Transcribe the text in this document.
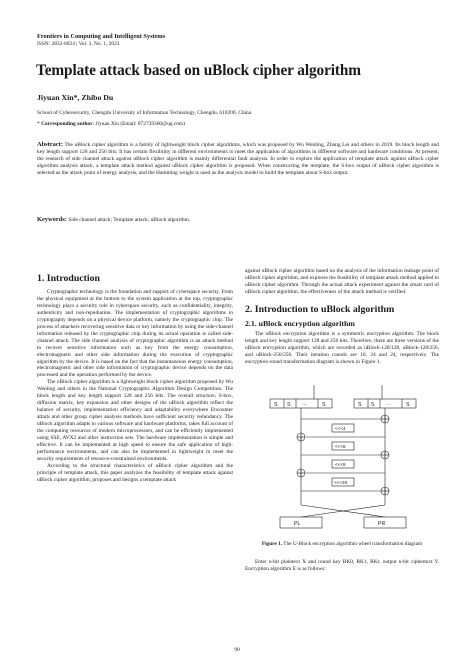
Frontiers in Computing and Intelligent Systems
ISSN: 2832-6024 | Vol. 3, No. 1, 2023
Template attack based on uBlock cipher algorithm
Jiyuan Xin*, Zhibo Du
School of Cybersecurity, Chengdu University of Information Technology, Chengdu, 610200, China
* Corresponding author: Jiyuan Xin (Email: 872739360@qq.com)
Abstract: The uBlock cipher algorithm is a family of lightweight block cipher algorithms, which was proposed by Wu Wenling, Zhang Lei and others in 2019. Its block length and key length support 128 and 256 bits. It has certain flexibility in different environments to meet the application of algorithms in different software and hardware conditions. At present, the research of side channel attack against uBlock cipher algorithm is mainly differential fault analysis. In order to explore the application of template attack against uBlock cipher algorithm analysis attack, a template attack method against uBlock cipher algorithm is proposed. When constructing the template, the S-box output of uBlock cipher algorithm is selected as the attack point of energy analysis, and the Hamming weight is used as the analysis model to build the template about S-box output.
Keywords: Side channel attack; Template attack; uBlock algorithm.
1. Introduction

Cryptographic technology is the foundation and support of cyberspace security. From the physical equipment at the bottom to the system application at the top, cryptographic technology plays a security role in cyberspace security, such as confidentiality, integrity, authenticity and non-repudiation. The implementation of cryptographic algorithms in cryptography depends on a physical device platform, namely the cryptographic chip. The process of attackers recovering sensitive data or key information by using the side-channel information released by the cryptographic chip during its actual operation is called side-channel attack. The side channel analysis of cryptographic algorithm is an attack method to recover sensitive information such as key from the energy consumption, electromagnetic and other side information during the execution of cryptographic algorithm by the device. It is based on the fact that the instantaneous energy consumption, electromagnetic and other side information of cryptographic device depends on the data processed and the operation performed by the device.

The uBlock cipher algorithm is a lightweight block cipher algorithm proposed by Wu Wenling and others in the National Cryptographic Algorithm Design Competition. The block length and key length support 128 and 256 bits. The overall structure, S-box, diffusion matrix, key expansion and other designs of the uBlock algorithm reflect the balance of security, implementation efficiency and adaptability everywhere Encounter attack and other group cipher analysis methods have sufficient security redundancy. The uBlock algorithm adapts to various software and hardware platforms, takes full account of the computing resources of modern microprocessors, and can be efficiently implemented using SSE, AVX2 and other instruction sets. The hardware implementation is simple and effective. It can be implemented at high speed to ensure the safe application of high-performance environments, and can also be implemented in lightweight to meet the security requirements of resource-constrained environments.

According to the structural characteristics of uBlock cipher algorithm and the principle of template attack, this paper analyzes the feasibility of template attack against uBlock cipher algorithm, proposes and designs a template attack

against uBlock cipher algorithm based on the analysis of the information leakage point of uBlock cipher algorithm, and explores the feasibility of template attack method applied to uBlock cipher algorithm. Through the actual attack experiment against the smart card of uBlock cipher algorithm, the effectiveness of the attack method is verified.

2. Introduction to uBlock algorithm
2.1. uBlock encryption algorithm

The uBlock encryption algorithm is a symmetric encryption algorithm. The block length and key length support 128 and 256 bits. Therefore, there are three versions of the uBlock encryption algorithm, which are recorded as uBlock-128/128, uBlock-128/256, and uBlock-256/256. Their iteration rounds are 16, 24 and 24, respectively. The encryption round transformation diagram is shown in Figure 1.

S S ···	S	S S ···	S
<<<4
<<<8
<<<8
<<<20
PL	PR
Figure 1. The U-Block encryption algorithm wheel transformation diagram

Enter n-bit plaintext X and round key RK0, RK1, RKr, output n-bit ciphertext Y. Encryption algorithm E is as follows:

90
